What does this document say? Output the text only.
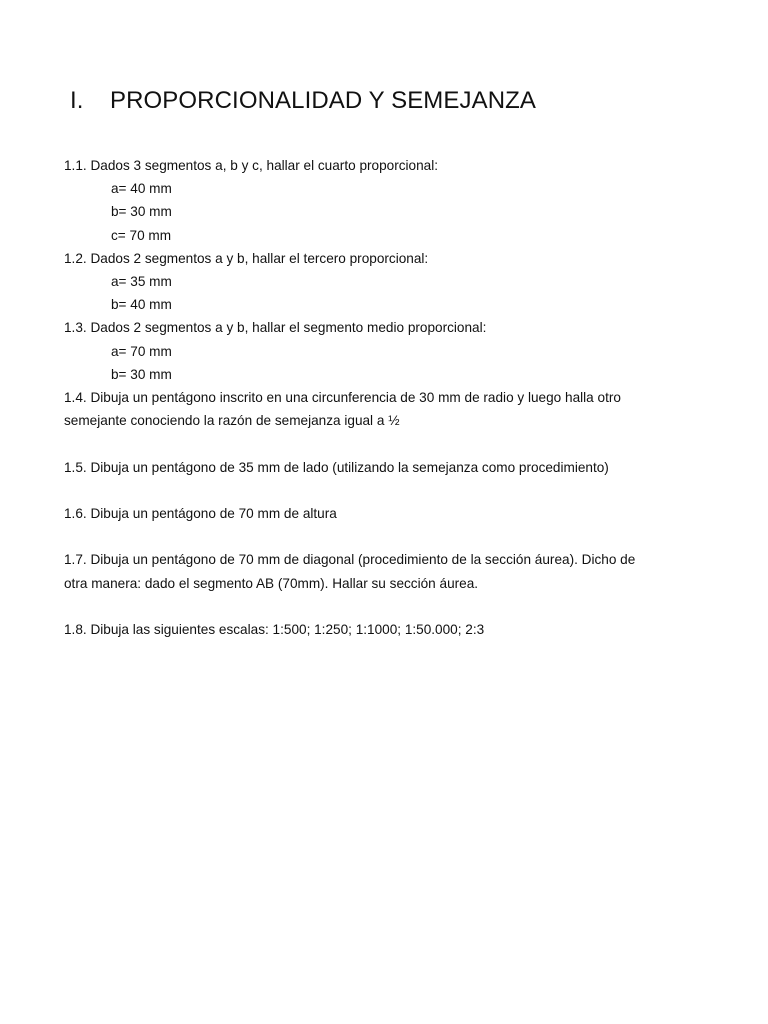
I. PROPORCIONALIDAD Y SEMEJANZA
1.1. Dados 3 segmentos a, b y c, hallar el cuarto proporcional:
a= 40 mm
b= 30 mm
c= 70 mm
1.2. Dados 2 segmentos a y b, hallar el tercero proporcional:
a= 35 mm
b= 40 mm
1.3. Dados 2 segmentos a y b, hallar el segmento medio proporcional:
a= 70 mm
b= 30 mm
1.4. Dibuja un pentágono inscrito en una circunferencia de 30 mm de radio y luego halla otro
semejante conociendo la razón de semejanza igual a ½
1.5. Dibuja un pentágono de 35 mm de lado (utilizando la semejanza como procedimiento)
1.6. Dibuja un pentágono de 70 mm de altura
1.7. Dibuja un pentágono de 70 mm de diagonal (procedimiento de la sección áurea). Dicho de
otra manera: dado el segmento AB (70mm). Hallar su sección áurea.
1.8. Dibuja las siguientes escalas: 1:500; 1:250; 1:1000; 1:50.000; 2:3
